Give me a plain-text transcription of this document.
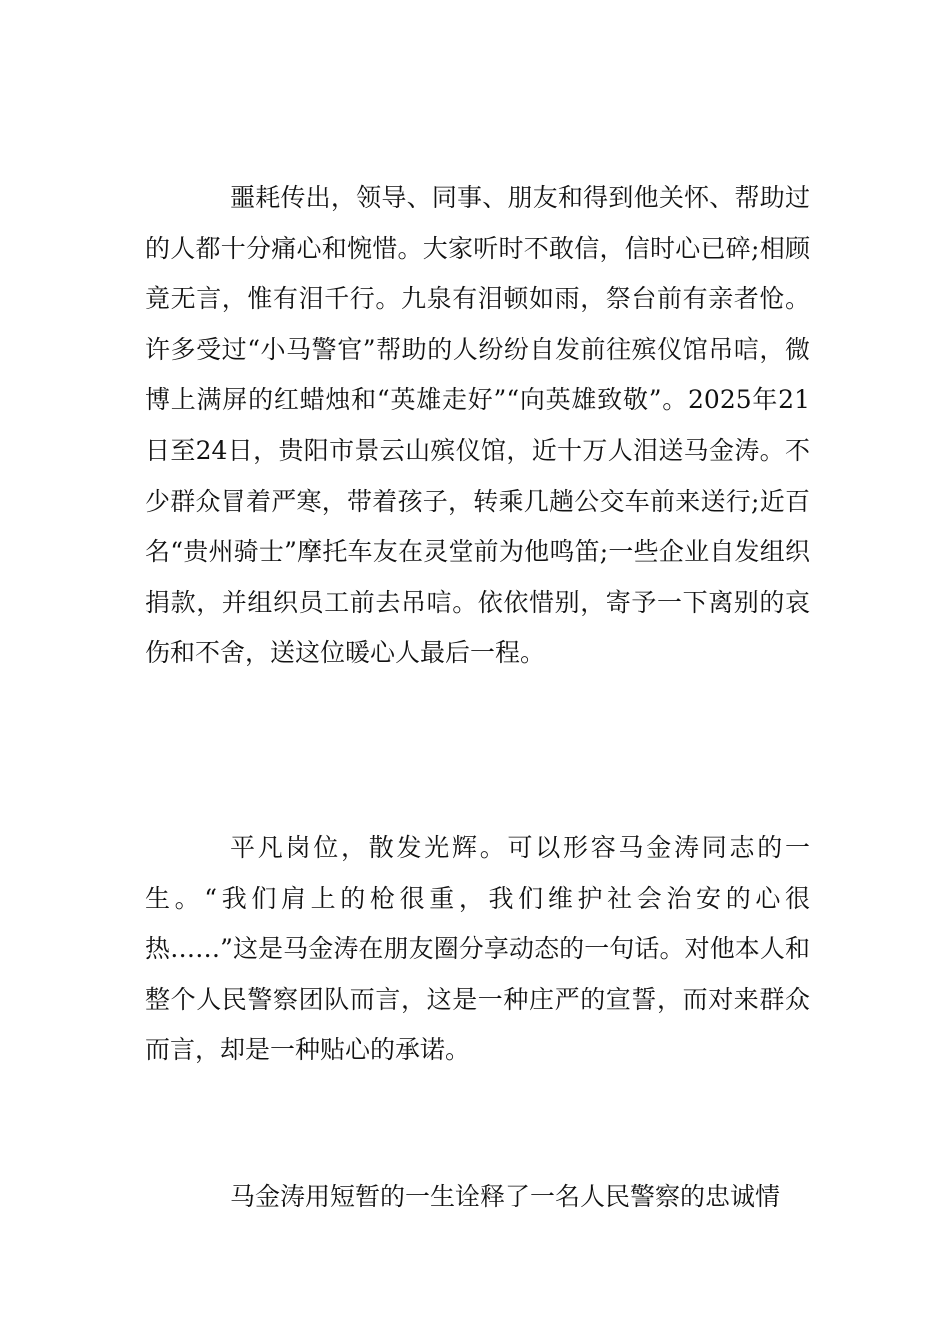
噩耗传出，领导、同事、朋友和得到他关怀、帮助过的人都十分痛心和惋惜。大家听时不敢信，信时心已碎;相顾竟无言，惟有泪千行。九泉有泪顿如雨，祭台前有亲者怆。许多受过“小马警官”帮助的人纷纷自发前往殡仪馆吊唁，微博上满屏的红蜡烛和“英雄走好”“向英雄致敬”。2025年21日至24日，贵阳市景云山殡仪馆，近十万人泪送马金涛。不少群众冒着严寒，带着孩子，转乘几趟公交车前来送行;近百名“贵州骑士”摩托车友在灵堂前为他鸣笛;一些企业自发组织捐款，并组织员工前去吊唁。依依惜别，寄予一下离别的哀伤和不舍，送这位暖心人最后一程。

平凡岗位，散发光辉。可以形容马金涛同志的一生。“我们肩上的枪很重，我们维护社会治安的心很热……”这是马金涛在朋友圈分享动态的一句话。对他本人和整个人民警察团队而言，这是一种庄严的宣誓，而对来群众而言，却是一种贴心的承诺。

马金涛用短暂的一生诠释了一名人民警察的忠诚情
